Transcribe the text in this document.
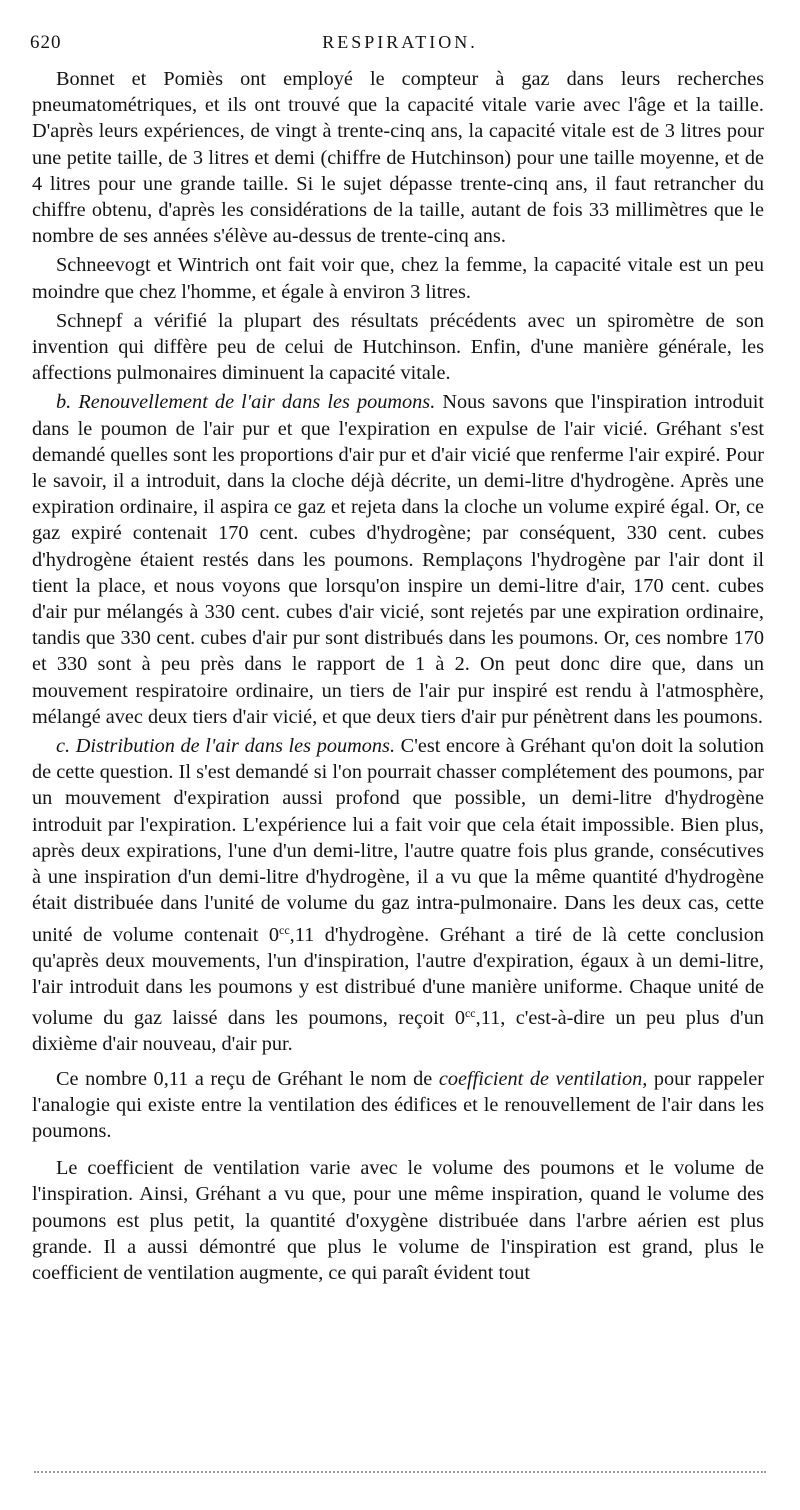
620	RESPIRATION.

Bonnet et Pomiès ont employé le compteur à gaz dans leurs recherches pneumatométriques, et ils ont trouvé que la capacité vitale varie avec l'âge et la taille. D'après leurs expériences, de vingt à trente-cinq ans, la capacité vitale est de 3 litres pour une petite taille, de 3 litres et demi (chiffre de Hutchinson) pour une taille moyenne, et de 4 litres pour une grande taille. Si le sujet dépasse trente-cinq ans, il faut retrancher du chiffre obtenu, d'après les considérations de la taille, autant de fois 33 millimètres que le nombre de ses années s'élève au-dessus de trente-cinq ans.

Schneevogt et Wintrich ont fait voir que, chez la femme, la capacité vitale est un peu moindre que chez l'homme, et égale à environ 3 litres.

Schnepf a vérifié la plupart des résultats précédents avec un spiromètre de son invention qui diffère peu de celui de Hutchinson. Enfin, d'une manière générale, les affections pulmonaires diminuent la capacité vitale.

b. Renouvellement de l'air dans les poumons. Nous savons que l'inspiration introduit dans le poumon de l'air pur et que l'expiration en expulse de l'air vicié. Gréhant s'est demandé quelles sont les proportions d'air pur et d'air vicié que renferme l'air expiré. Pour le savoir, il a introduit, dans la cloche déjà décrite, un demi-litre d'hydrogène. Après une expiration ordinaire, il aspira ce gaz et rejeta dans la cloche un volume expiré égal. Or, ce gaz expiré contenait 170 cent. cubes d'hydrogène; par conséquent, 330 cent. cubes d'hydrogène étaient restés dans les poumons. Remplaçons l'hydrogène par l'air dont il tient la place, et nous voyons que lorsqu'on inspire un demi-litre d'air, 170 cent. cubes d'air pur mélangés à 330 cent. cubes d'air vicié, sont rejetés par une expiration ordinaire, tandis que 330 cent. cubes d'air pur sont distribués dans les poumons. Or, ces nombre 170 et 330 sont à peu près dans le rapport de 1 à 2. On peut donc dire que, dans un mouvement respiratoire ordinaire, un tiers de l'air pur inspiré est rendu à l'atmosphère, mélangé avec deux tiers d'air vicié, et que deux tiers d'air pur pénètrent dans les poumons.

c. Distribution de l'air dans les poumons. C'est encore à Gréhant qu'on doit la solution de cette question. Il s'est demandé si l'on pourrait chasser complétement des poumons, par un mouvement d'expiration aussi profond que possible, un demi-litre d'hydrogène introduit par l'expiration. L'expérience lui a fait voir que cela était impossible. Bien plus, après deux expirations, l'une d'un demi-litre, l'autre quatre fois plus grande, consécutives à une inspiration d'un demi-litre d'hydrogène, il a vu que la même quantité d'hydrogène était distribuée dans l'unité de volume du gaz intra-pulmonaire. Dans les deux cas, cette unité de volume contenait $0^{cc},11$ d'hydrogène. Gréhant a tiré de là cette conclusion qu'après deux mouvements, l'un d'inspiration, l'autre d'expiration, égaux à un demi-litre, l'air introduit dans les poumons y est distribué d'une manière uniforme. Chaque unité de volume du gaz laissé dans les poumons, reçoit $0^{cc},11$, c'est-à-dire un peu plus d'un dixième d'air nouveau, d'air pur.

Ce nombre 0,11 a reçu de Gréhant le nom de coefficient de ventilation, pour rappeler l'analogie qui existe entre la ventilation des édifices et le renouvellement de l'air dans les poumons.

Le coefficient de ventilation varie avec le volume des poumons et le volume de l'inspiration. Ainsi, Gréhant a vu que, pour une même inspiration, quand le volume des poumons est plus petit, la quantité d'oxygène distribuée dans l'arbre aérien est plus grande. Il a aussi démontré que plus le volume de l'inspiration est grand, plus le coefficient de ventilation augmente, ce qui paraît évident tout
